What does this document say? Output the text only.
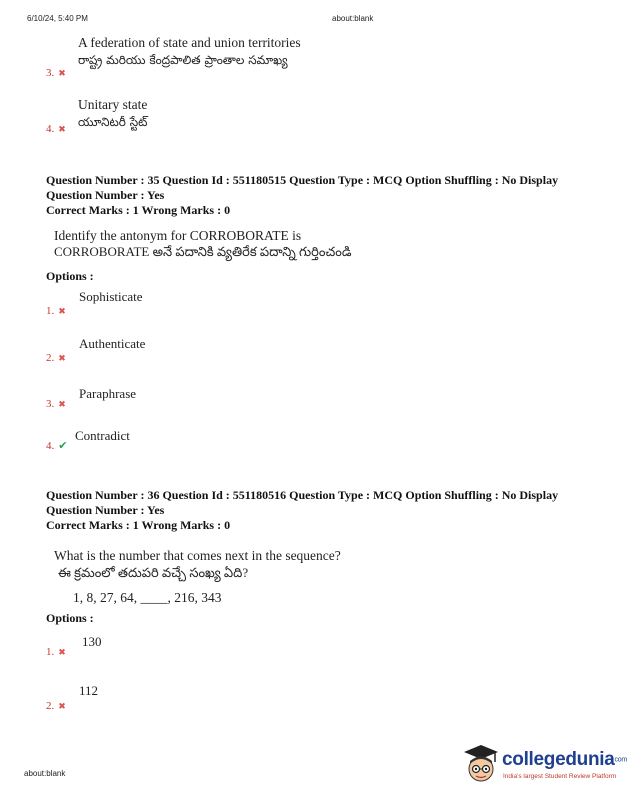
6/10/24, 5:40 PM	about:blank
A federation of state and union territories
రాష్ట్ర మరియు కేంద్రపాలిత ప్రాంతాల సమాఖ్య
3. ✖
Unitary state
యూనిటరీ స్టేట్
4. ✖
Question Number : 35 Question Id : 551180515 Question Type : MCQ Option Shuffling : No Display
Question Number : Yes
Correct Marks : 1 Wrong Marks : 0
Identify the antonym for CORROBORATE is
CORROBORATE అనే పదానికి వ్యతిరేక పదాన్ని గుర్తించండి
Options :
Sophisticate
1. ✖
Authenticate
2. ✖
Paraphrase
3. ✖
Contradict
4. ✔
Question Number : 36 Question Id : 551180516 Question Type : MCQ Option Shuffling : No Display
Question Number : Yes
Correct Marks : 1 Wrong Marks : 0
What is the number that comes next in the sequence?
ఈ క్రమంలో తదుపరి వచ్చే సంఖ్య ఏది?
1, 8, 27, 64, ____, 216, 343
Options :
130
1. ✖
112
2. ✖
about:blank
collegeduniacom
India's largest Student Review Platform
